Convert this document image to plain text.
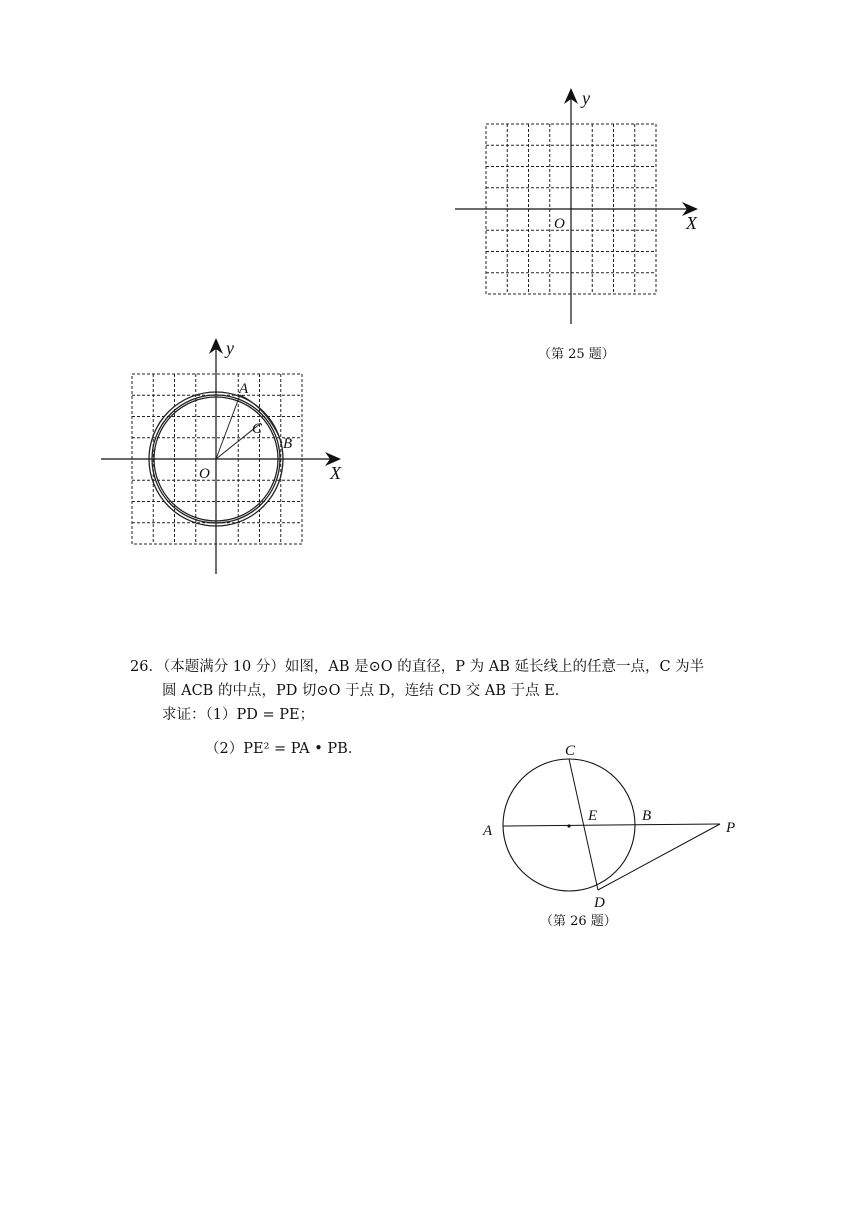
X
y
O
（第 25 题）
A
C
B
O	X
y
26．（本题满分 10 分）如图，AB 是⊙O 的直径，P 为 AB 延长线上的任意一点，C 为半
圆 ACB 的中点，PD 切⊙O 于点 D，连结 CD 交 AB 于点 E．
求证：（1）PD = PE；
（2）PE² = PA • PB．	C
E	B
A	P
D
（第 26 题）
